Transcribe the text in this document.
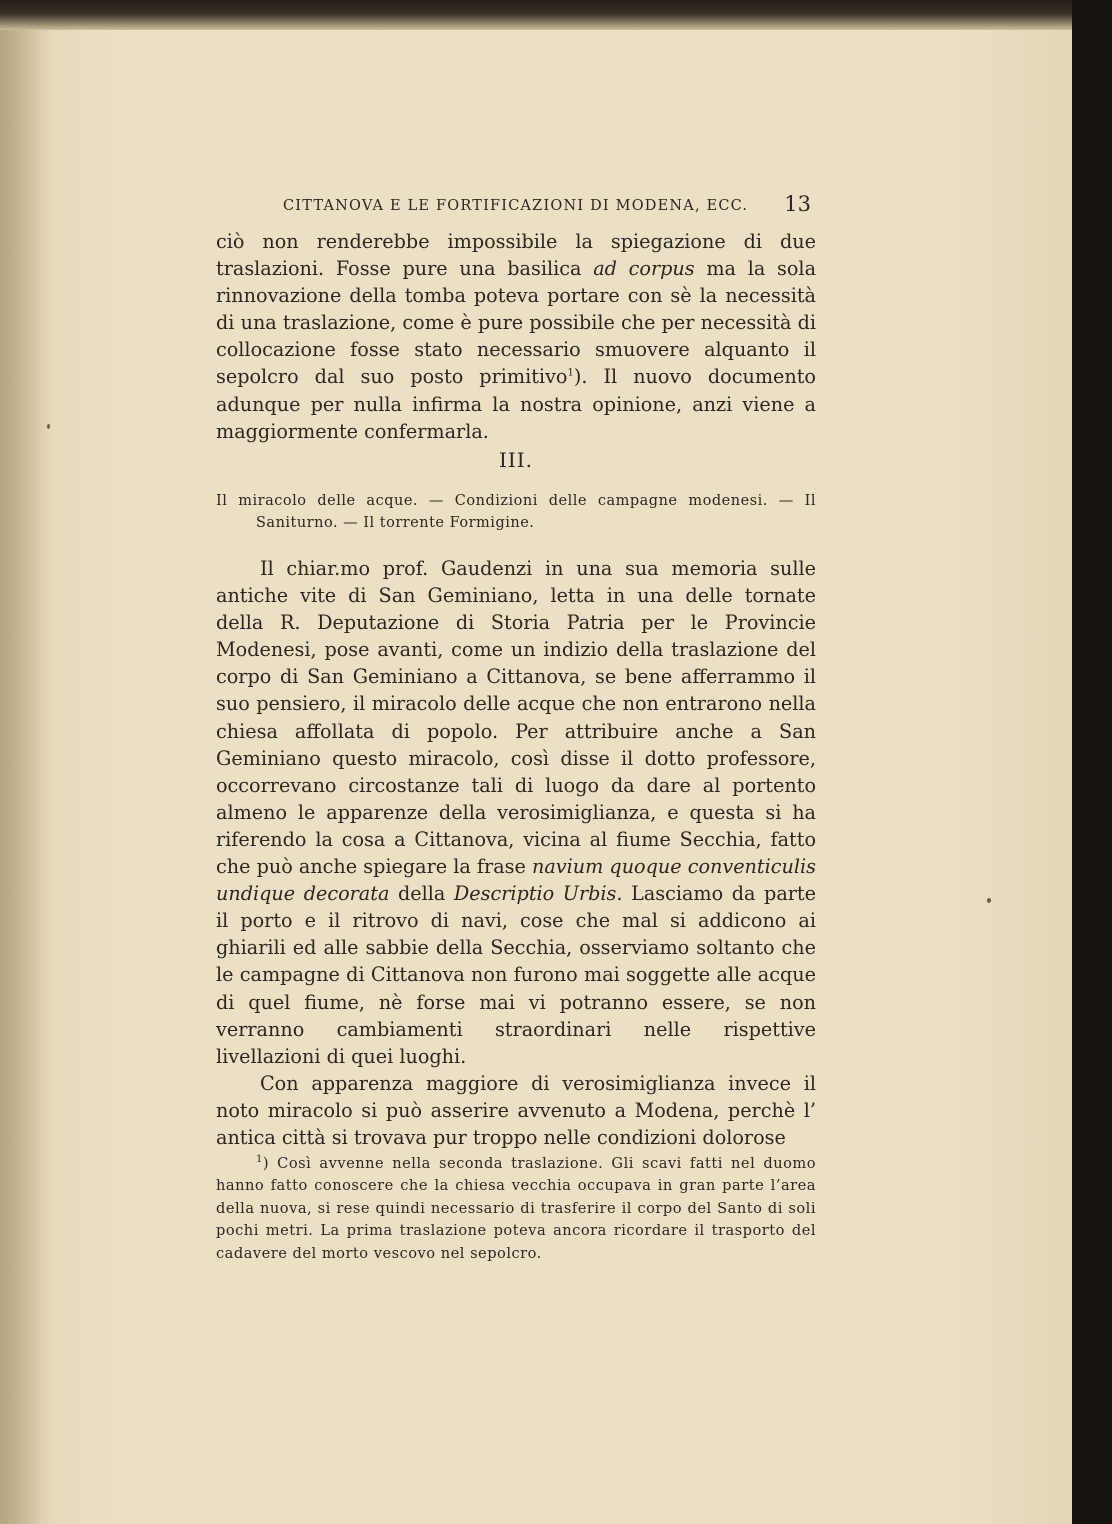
CITTANOVA E LE FORTIFICAZIONI DI MODENA, ECC. 13

ciò non renderebbe impossibile la spiegazione di due traslazioni. Fosse pure una basilica ad corpus ma la sola rinnovazione della tomba poteva portare con sè la necessità di una traslazione, come è pure possibile che per necessità di collocazione fosse stato necessario smuovere alquanto il sepolcro dal suo posto primitivo$^1$). Il nuovo documento adunque per nulla infirma la nostra opinione, anzi viene a maggiormente confermarla.

III.
Il miracolo delle acque. — Condizioni delle campagne modenesi. — Il Saniturno. — Il torrente Formigine.

Il chiar.mo prof. Gaudenzi in una sua memoria sulle antiche vite di San Geminiano, letta in una delle tornate della R. Deputazione di Storia Patria per le Provincie Modenesi, pose avanti, come un indizio della traslazione del corpo di San Geminiano a Cittanova, se bene afferrammo il suo pensiero, il miracolo delle acque che non entrarono nella chiesa affollata di popolo. Per attribuire anche a San Geminiano questo miracolo, così disse il dotto professore, occorrevano circostanze tali di luogo da dare al portento almeno le apparenze della verosimiglianza, e questa si ha riferendo la cosa a Cittanova, vicina al fiume Secchia, fatto che può anche spiegare la frase navium quoque conventiculis undique decorata della Descriptio Urbis. Lasciamo da parte il porto e il ritrovo di navi, cose che mal si addicono ai ghiarili ed alle sabbie della Secchia, osserviamo soltanto che le campagne di Cittanova non furono mai soggette alle acque di quel fiume, nè forse mai vi potranno essere, se non verranno cambiamenti straordinari nelle rispettive livellazioni di quei luoghi.

Con apparenza maggiore di verosimiglianza invece il noto miracolo si può asserire avvenuto a Modena, perchè l’ antica città si trovava pur troppo nelle condizioni dolorose

$^1$) Così avvenne nella seconda traslazione. Gli scavi fatti nel duomo hanno fatto conoscere che la chiesa vecchia occupava in gran parte l’area della nuova, si rese quindi necessario di trasferire il corpo del Santo di soli pochi metri. La prima traslazione poteva ancora ricordare il trasporto del cadavere del morto vescovo nel sepolcro.
